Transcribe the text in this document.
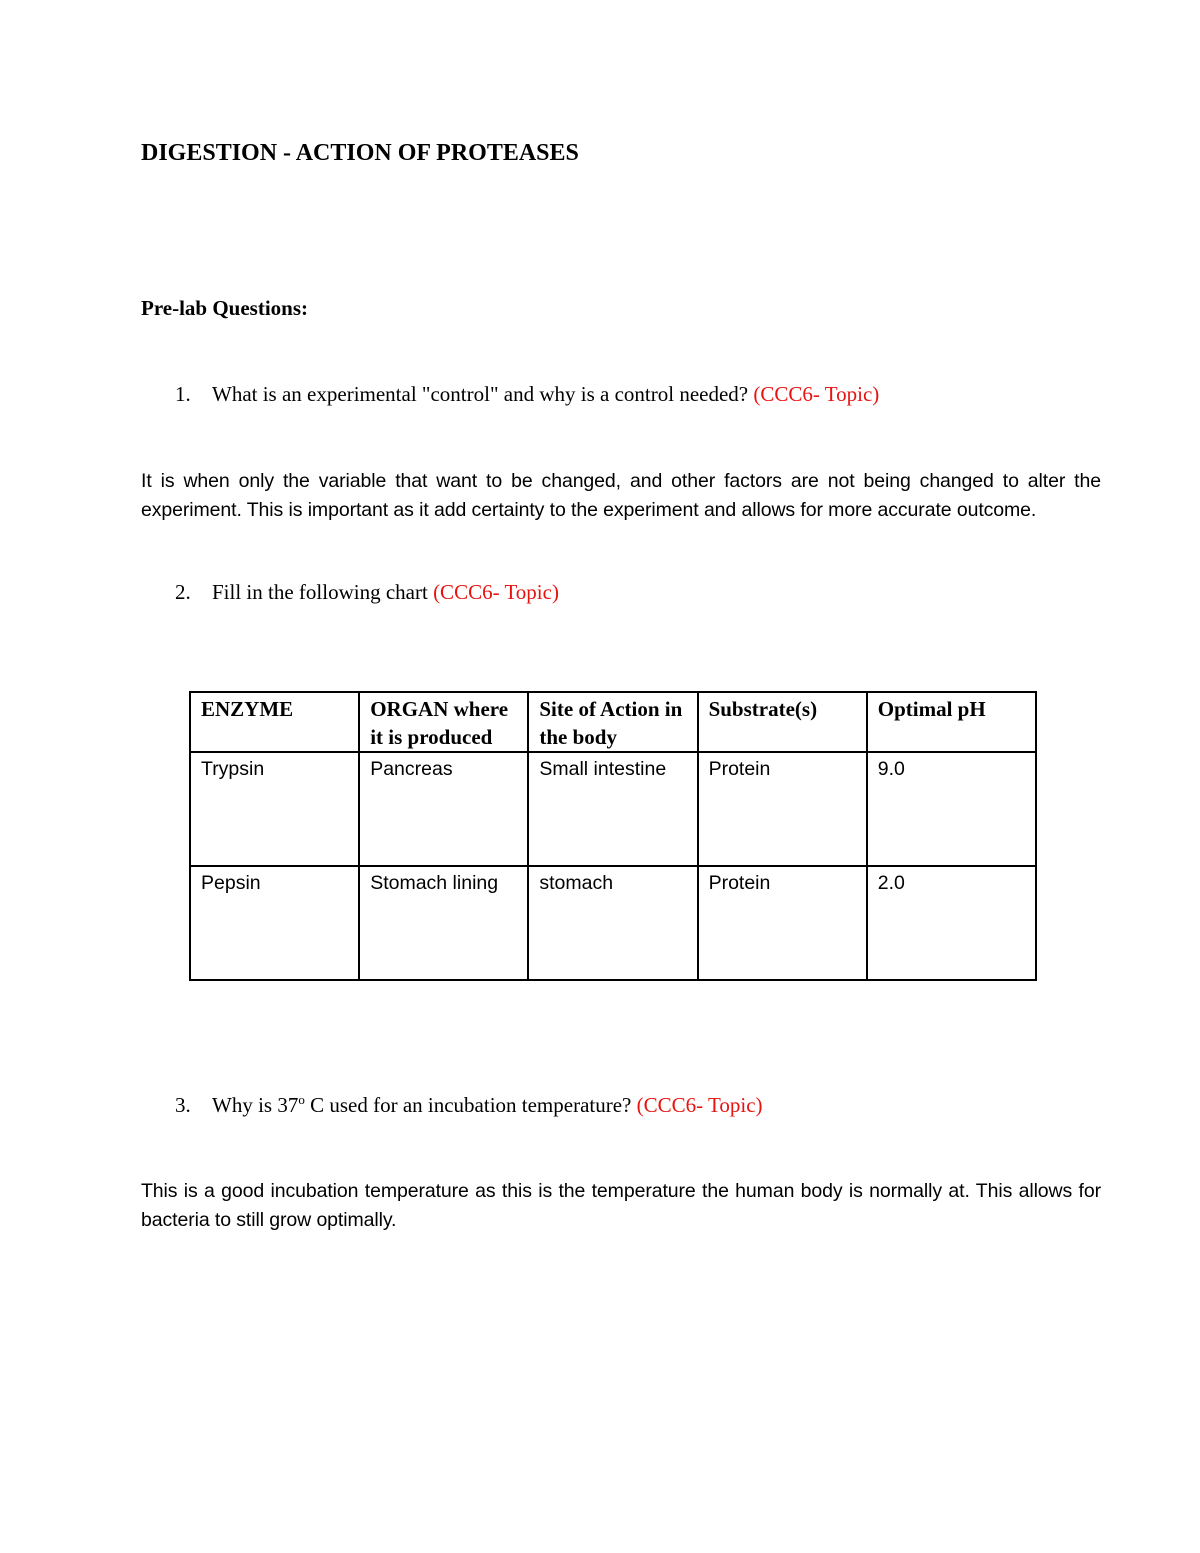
DIGESTION - ACTION OF PROTEASES
Pre-lab Questions:

1. What is an experimental "control" and why is a control needed? (CCC6- Topic)

It is when only the variable that want to be changed, and other factors are not being changed to alter the experiment. This is important as it add certainty to the experiment and allows for more accurate outcome.

2. Fill in the following chart (CCC6- Topic)

ENZYME	ORGAN where it is produced	Site of Action in the body	Substrate(s)	Optimal pH
Trypsin	Pancreas	Small intestine	Protein	9.0
Pepsin	Stomach lining	stomach	Protein	2.0

3. Why is 37$^o$ C used for an incubation temperature? (CCC6- Topic)

This is a good incubation temperature as this is the temperature the human body is normally at. This allows for bacteria to still grow optimally.
